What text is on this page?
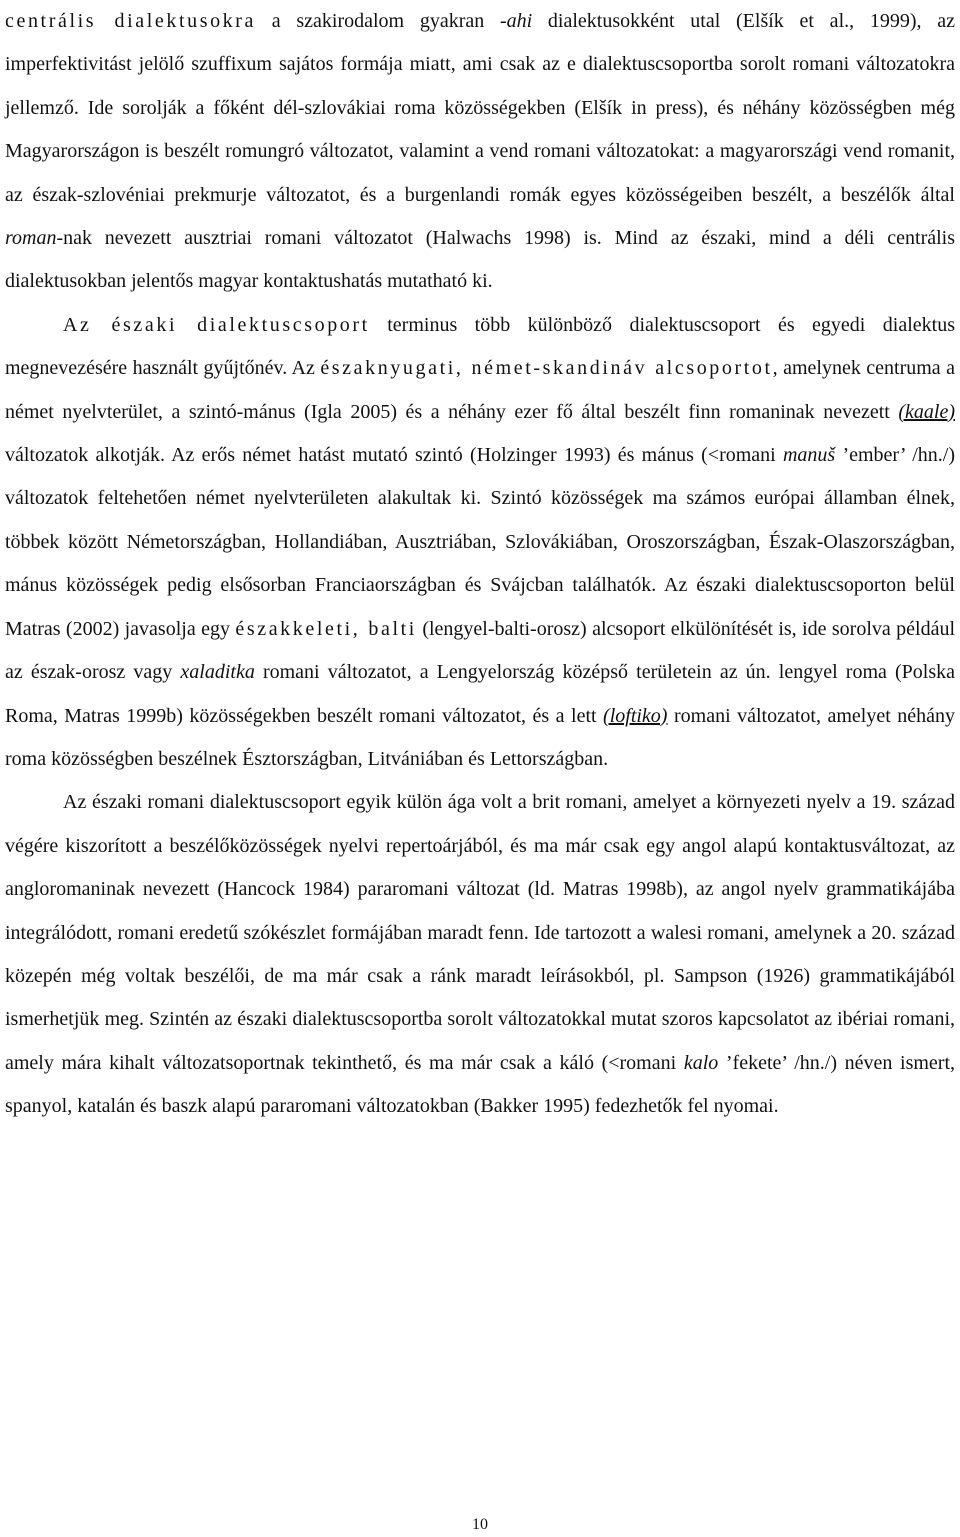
centrális dialektusokra a szakirodalom gyakran -ahi dialektusokként utal (Elšík et al., 1999), az imperfektivitást jelölő szuffixum sajátos formája miatt, ami csak az e dialektuscsoportba sorolt romani változatokra jellemző. Ide sorolják a főként dél-szlovákiai roma közösségekben (Elšík in press), és néhány közösségben még Magyarországon is beszélt romungró változatot, valamint a vend romani változatokat: a magyarországi vend romanit, az észak-szlovéniai prekmurje változatot, és a burgenlandi romák egyes közösségeiben beszélt, a beszélők által roman-nak nevezett ausztriai romani változatot (Halwachs 1998) is. Mind az északi, mind a déli centrális dialektusokban jelentős magyar kontaktushatás mutatható ki.

Az északi dialektuscsoport terminus több különböző dialektuscsoport és egyedi dialektus megnevezésére használt gyűjtőnév. Az északnyugati, német-skandináv alcsoportot, amelynek centruma a német nyelvterület, a szintó-mánus (Igla 2005) és a néhány ezer fő által beszélt finn romaninak nevezett (kaale) változatok alkotják. Az erős német hatást mutató szintó (Holzinger 1993) és mánus (<romani manuš ’ember’ /hn./) változatok feltehetően német nyelvterületen alakultak ki. Szintó közösségek ma számos európai államban élnek, többek között Németországban, Hollandiában, Ausztriában, Szlovákiában, Oroszországban, Észak-Olaszországban, mánus közösségek pedig elsősorban Franciaországban és Svájcban találhatók. Az északi dialektuscsoporton belül Matras (2002) javasolja egy északkeleti, balti (lengyel-balti-orosz) alcsoport elkülönítését is, ide sorolva például az észak-orosz vagy xaladitka romani változatot, a Lengyelország középső területein az ún. lengyel roma (Polska Roma, Matras 1999b) közösségekben beszélt romani változatot, és a lett (loftiko) romani változatot, amelyet néhány roma közösségben beszélnek Észtországban, Litvániában és Lettországban.

Az északi romani dialektuscsoport egyik külön ága volt a brit romani, amelyet a környezeti nyelv a 19. század végére kiszorított a beszélőközösségek nyelvi repertoárjából, és ma már csak egy angol alapú kontaktusváltozat, az angloromaninak nevezett (Hancock 1984) pararomani változat (ld. Matras 1998b), az angol nyelv grammatikájába integrálódott, romani eredetű szókészlet formájában maradt fenn. Ide tartozott a walesi romani, amelynek a 20. század közepén még voltak beszélői, de ma már csak a ránk maradt leírásokból, pl. Sampson (1926) grammatikájából ismerhetjük meg. Szintén az északi dialektuscsoportba sorolt változatokkal mutat szoros kapcsolatot az ibériai romani, amely mára kihalt változatsoportnak tekinthető, és ma már csak a káló (<romani kalo ’fekete’ /hn./) néven ismert, spanyol, katalán és baszk alapú pararomani változatokban (Bakker 1995) fedezhetők fel nyomai.

10
